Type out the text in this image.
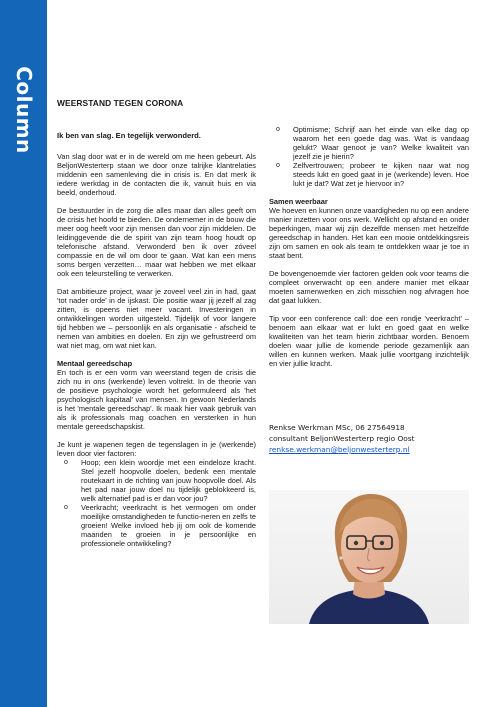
Column	WEERSTAND TEGEN CORONA

Ik ben van slag. En tegelijk verwonderd.

Van slag door wat er in de wereld om me heen gebeurt. Als BeljonWesterterp staan we door onze talrijke klantrelaties middenin een samenleving die in crisis is. En dat merk ik iedere werkdag in de contacten die ik, vanuit huis en via beeld, onderhoud.

De bestuurder in de zorg die alles maar dan alles geeft om de crisis het hoofd te bieden. De ondernemer in de bouw die meer oog heeft voor zijn mensen dan voor zijn middelen. De leidinggevende die de spirit van zijn team hoog houdt op telefonische afstand. Verwonderd ben ik over zóveel compassie en de wil om door te gaan. Wat kan een mens soms bergen verzetten… maar wat hebben we met elkaar ook een teleurstelling te verwerken.

Dat ambitieuze project, waar je zoveel veel zin in had, gaat 'tot nader orde' in de ijskast. Die positie waar jij jezelf al zag zitten, is opeens niet meer vacant. Investeringen in ontwikkelingen worden uitgesteld. Tijdelijk of voor langere tijd hebben we – persoonlijk en als organisatie - afscheid te nemen van ambities en doelen. En zijn we gefrustreerd om wat niet mag, om wat niet kan.

Mentaal gereedschap

En toch is er een vorm van weerstand tegen de crisis die zich nu in ons (werkende) leven voltrekt. In de theorie van de positieve psychologie wordt het geformuleerd als 'het psychologisch kapitaal' van mensen. In gewoon Nederlands is het 'mentale gereedschap'. Ik maak hier vaak gebruik van als ik professionals mag coachen en versterken in hun mentale gereedschapskist.

Je kunt je wapenen tegen de tegenslagen in je (werkende) leven door vier factoren:

o Hoop; een klein woordje met een eindeloze kracht. Stel jezelf hoopvolle doelen, bedenk een mentale routekaart in de richting van jouw hoopvolle doel. Als het pad naar jouw doel nu tijdelijk geblokkeerd is, welk alternatief pad is er dan voor jou?
o Veerkracht; veerkracht is het vermogen om onder moeilijke omstandigheden te functio-neren en zelfs te groeien! Welke invloed heb jij om ook de komende maanden te groeien in je persoonlijke en professionele ontwikkeling?
o Optimisme; Schrijf aan het einde van elke dag op waarom het een goede dag was. Wat is vandaag gelukt? Waar genoot je van? Welke kwaliteit van jezelf zie je hierin?
o Zelfvertrouwen; probeer te kijken naar wat nog steeds lukt en goed gaat in je (werkende) leven. Hoe lukt je dat? Wat zet je hiervoor in?
Samen weerbaar

We hoeven en kunnen onze vaardigheden nu op een andere manier inzetten voor ons werk. Wellicht op afstand en onder beperkingen, maar wij zijn dezelfde mensen met hetzelfde gereedschap in handen. Het kan een mooie ontdekkingsreis zijn om samen en ook als team te ontdekken waar je toe in staat bent.

De bovengenoemde vier factoren gelden ook voor teams die compleet onverwacht op een andere manier met elkaar moeten samenwerken en zich misschien nog afvragen hoe dat gaat lukken.

Tip voor een conference call: doe een rondje 'veerkracht' – benoem aan elkaar wat er lukt en goed gaat en welke kwaliteiten van het team hierin zichtbaar worden. Benoem doelen waar jullie de komende periode gezamenlijk aan willen en kunnen werken. Maak jullie voortgang inzichtelijk en vier jullie kracht.

Renkse Werkman MSc, 06 27564918
consultant BeljonWesterterp regio Oost
renkse.werkman@beljonwesterterp.nl
